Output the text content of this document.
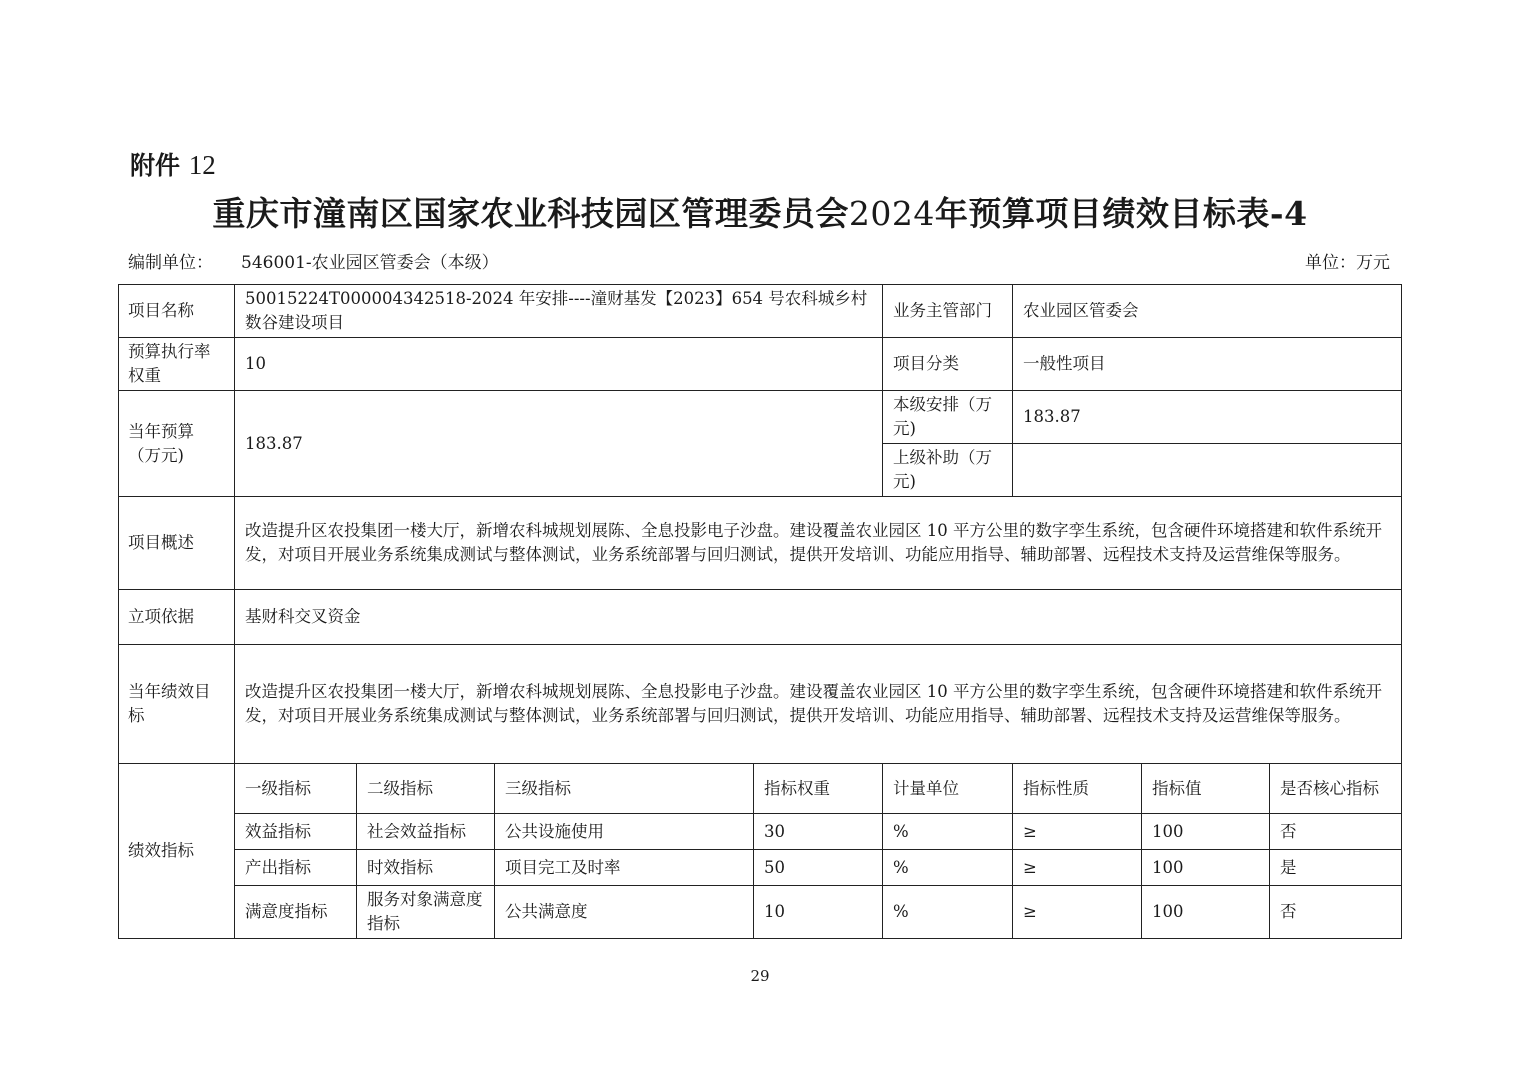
附件 12
重庆市潼南区国家农业科技园区管理委员会2024年预算项目绩效目标表-4
编制单位： 546001-农业园区管委会（本级）	单位：万元
项目名称	50015224T000004342518-2024 年安排----潼财基发【2023】654 号农科城乡村数谷建设项目				业务主管部门	农业园区管委会		
预算执行率权重	10				项目分类	一般性项目		
当年预算（万元)	183.87				本级安排（万元)	183.87		
					上级补助（万元)			
项目概述	改造提升区农投集团一楼大厅，新增农科城规划展陈、全息投影电子沙盘。建设覆盖农业园区 10 平方公里的数字孪生系统，包含硬件环境搭建和软件系统开发，对项目开展业务系统集成测试与整体测试，业务系统部署与回归测试，提供开发培训、功能应用指导、辅助部署、远程技术支持及运营维保等服务。							
立项依据	基财科交叉资金							
当年绩效目标	改造提升区农投集团一楼大厅，新增农科城规划展陈、全息投影电子沙盘。建设覆盖农业园区 10 平方公里的数字孪生系统，包含硬件环境搭建和软件系统开发，对项目开展业务系统集成测试与整体测试，业务系统部署与回归测试，提供开发培训、功能应用指导、辅助部署、远程技术支持及运营维保等服务。							
绩效指标	一级指标	二级指标	三级指标	指标权重	计量单位	指标性质	指标值	是否核心指标
	效益指标	社会效益指标	公共设施使用	30	%	≥	100	否
	产出指标	时效指标	项目完工及时率	50	%	≥	100	是
	满意度指标	服务对象满意度指标	公共满意度	10	%	≥	100	否
29
